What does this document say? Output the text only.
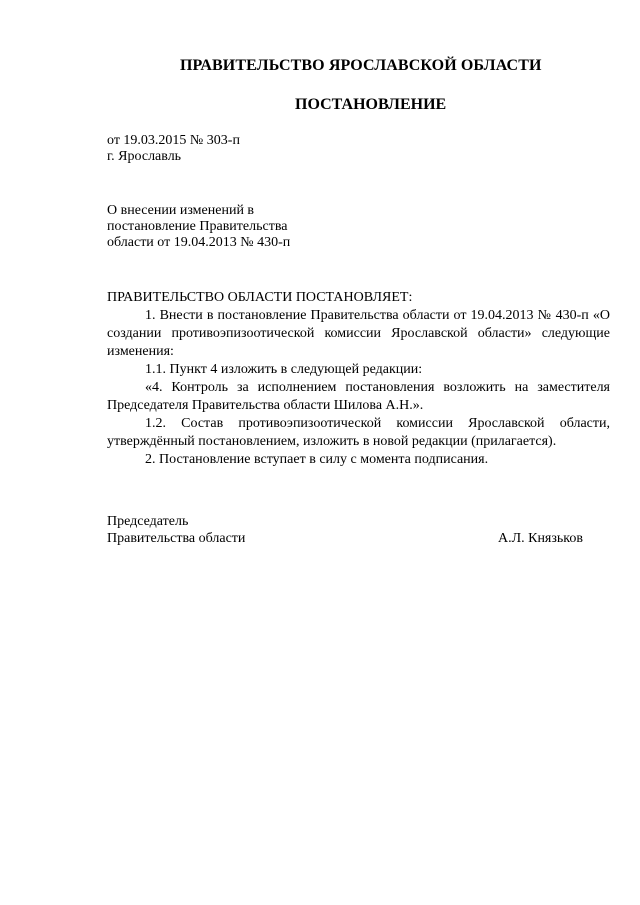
ПРАВИТЕЛЬСТВО ЯРОСЛАВСКОЙ ОБЛАСТИ
ПОСТАНОВЛЕНИЕ
от 19.03.2015 № 303-п
г. Ярославль
О внесении изменений в
постановление Правительства
области от 19.04.2013 № 430-п
ПРАВИТЕЛЬСТВО ОБЛАСТИ ПОСТАНОВЛЯЕТ:
1. Внести в постановление Правительства области от 19.04.2013 № 430-п «О создании противоэпизоотической комиссии Ярославской области» следующие изменения:
1.1. Пункт 4 изложить в следующей редакции:
«4. Контроль за исполнением постановления возложить на заместителя Председателя Правительства области Шилова А.Н.».
1.2. Состав противоэпизоотической комиссии Ярославской области, утверждённый постановлением, изложить в новой редакции (прилагается).
2. Постановление вступает в силу с момента подписания.
Председатель
Правительства области	А.Л. Князьков
